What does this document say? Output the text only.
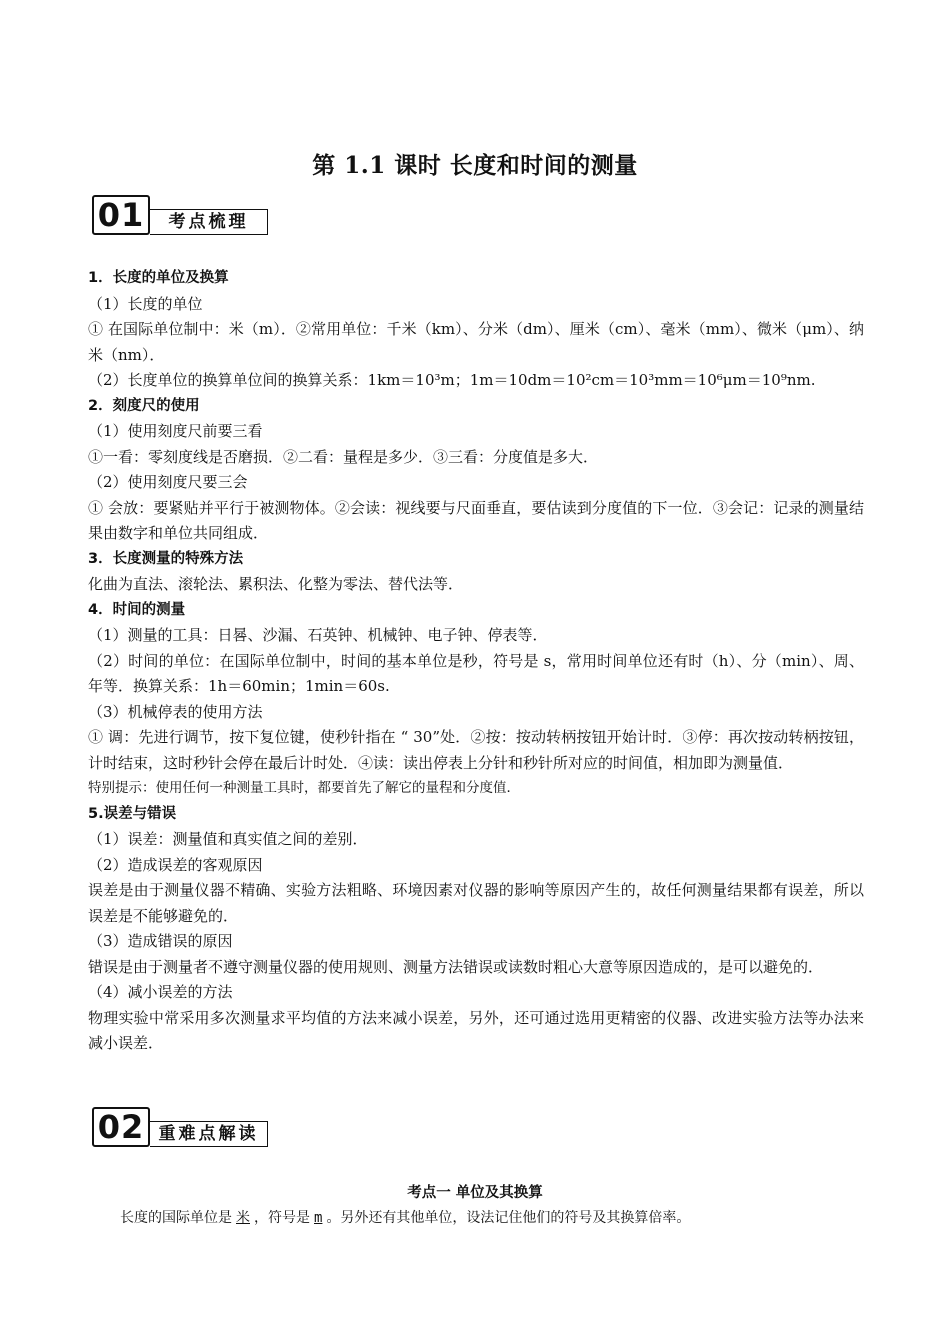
第 1.1 课时 长度和时间的测量
01	考点梳理

1．长度的单位及换算

（1）长度的单位

① 在国际单位制中：米（m）．②常用单位：千米（km）、分米（dm）、厘米（cm）、毫米（mm）、微米（μm）、纳米（nm）．

（2）长度单位的换算单位间的换算关系：1km＝10³m；1m＝10dm＝10²cm＝10³mm＝10⁶μm＝10⁹nm.

2．刻度尺的使用

（1）使用刻度尺前要三看

①一看：零刻度线是否磨损．②二看：量程是多少．③三看：分度值是多大．

（2）使用刻度尺要三会

① 会放：要紧贴并平行于被测物体。②会读：视线要与尺面垂直，要估读到分度值的下一位．③会记：记录的测量结果由数字和单位共同组成．

3．长度测量的特殊方法

化曲为直法、滚轮法、累积法、化整为零法、替代法等．

4．时间的测量

（1）测量的工具：日晷、沙漏、石英钟、机械钟、电子钟、停表等．

（2）时间的单位：在国际单位制中，时间的基本单位是秒，符号是 s，常用时间单位还有时（h）、分（min）、周、年等．换算关系：1h＝60min；1min＝60s.

（3）机械停表的使用方法

① 调：先进行调节，按下复位键，使秒针指在 “ 30”处．②按：按动转柄按钮开始计时．③停：再次按动转柄按钮，计时结束，这时秒针会停在最后计时处．④读：读出停表上分针和秒针所对应的时间值，相加即为测量值．

特别提示：使用任何一种测量工具时，都要首先了解它的量程和分度值．

5.误差与错误

（1）误差：测量值和真实值之间的差别．

（2）造成误差的客观原因

误差是由于测量仪器不精确、实验方法粗略、环境因素对仪器的影响等原因产生的，故任何测量结果都有误差，所以误差是不能够避免的．

（3）造成错误的原因

错误是由于测量者不遵守测量仪器的使用规则、测量方法错误或读数时粗心大意等原因造成的，是可以避免的．

（4）减小误差的方法

物理实验中常采用多次测量求平均值的方法来减小误差，另外，还可通过选用更精密的仪器、改进实验方法等办法来减小误差．

02 重难点解读
考点一 单位及其换算
长度的国际单位是 米 ，符号是 m 。另外还有其他单位，设法记住他们的符号及其换算倍率。
